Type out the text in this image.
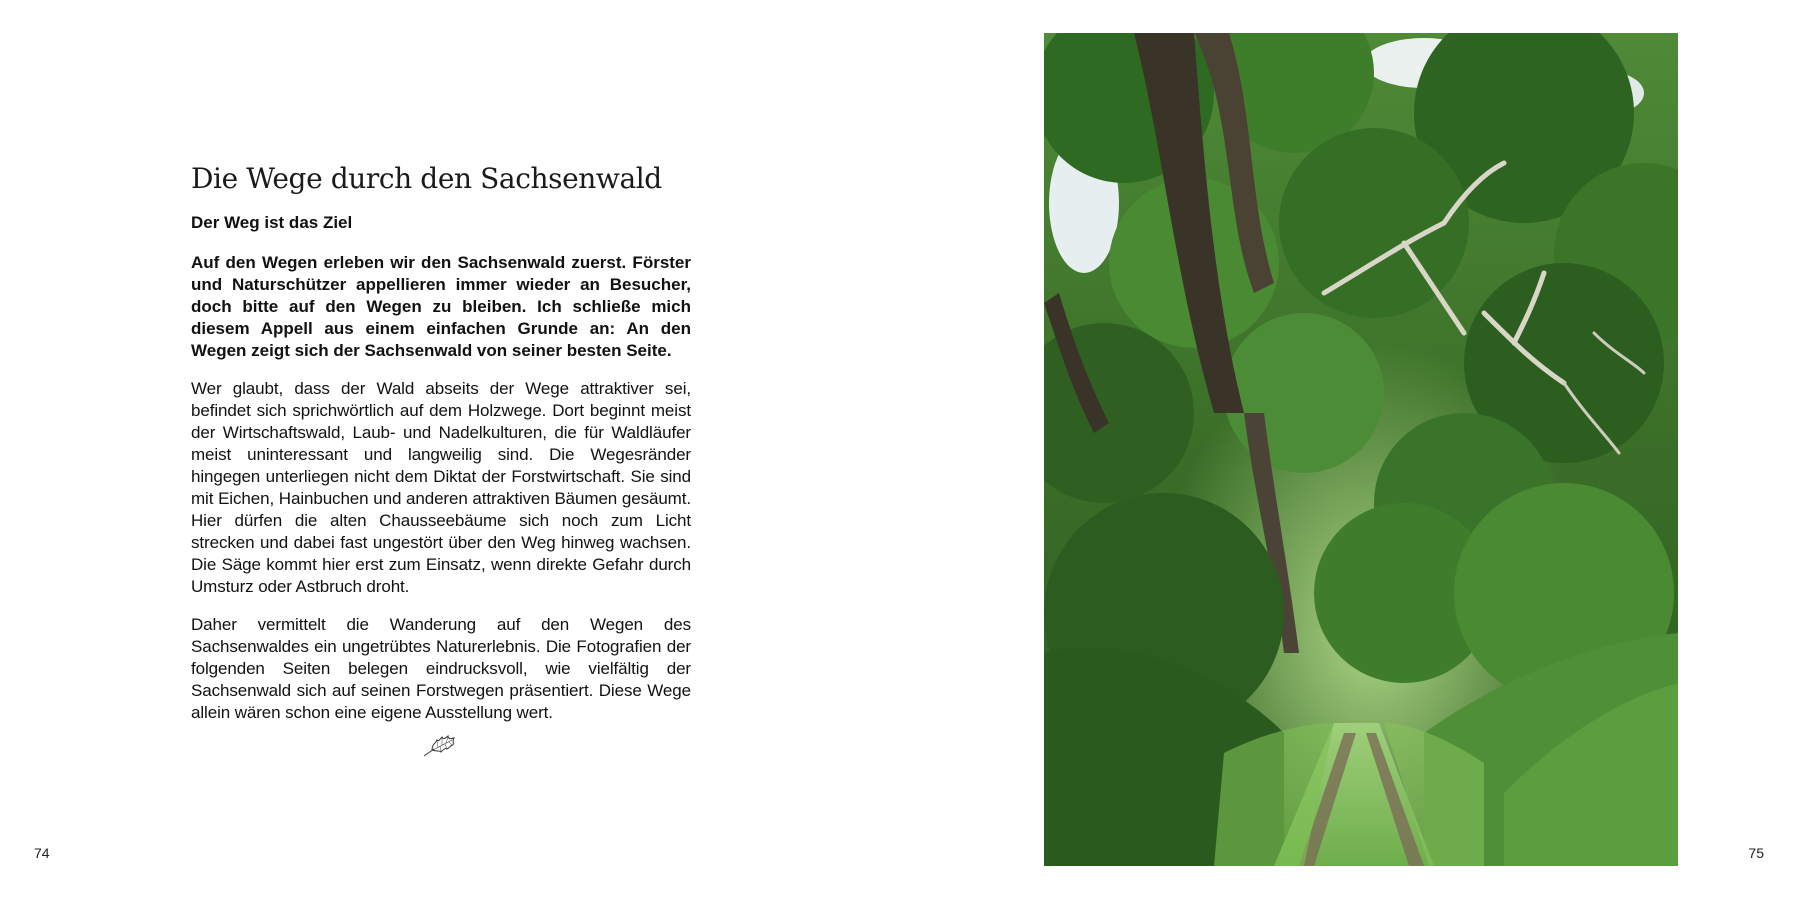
Die Wege durch den Sachsenwald
Der Weg ist das Ziel

Auf den Wegen erleben wir den Sachsenwald zuerst. Förster und Naturschützer appellieren immer wieder an Besucher, doch bitte auf den Wegen zu bleiben. Ich schließe mich diesem Appell aus einem einfachen Grunde an: An den Wegen zeigt sich der Sachsenwald von seiner besten Seite.

Wer glaubt, dass der Wald abseits der Wege attraktiver sei, befindet sich sprichwörtlich auf dem Holzwege. Dort beginnt meist der Wirtschaftswald, Laub- und Nadelkulturen, die für Waldläufer meist uninteressant und langweilig sind. Die Wegesränder hingegen unterliegen nicht dem Diktat der Forstwirtschaft. Sie sind mit Eichen, Hainbuchen und anderen attraktiven Bäumen gesäumt. Hier dürfen die alten Chausseebäume sich noch zum Licht strecken und dabei fast ungestört über den Weg hinweg wachsen. Die Säge kommt hier erst zum Einsatz, wenn direkte Gefahr durch Umsturz oder Astbruch droht.

Daher vermittelt die Wanderung auf den Wegen des Sachsenwaldes ein ungetrübtes Naturerlebnis. Die Fotografien der folgenden Seiten belegen eindrucksvoll, wie vielfältig der Sachsenwald sich auf seinen Forstwegen präsentiert. Diese Wege allein wären schon eine eigene Ausstellung wert.

74	75
